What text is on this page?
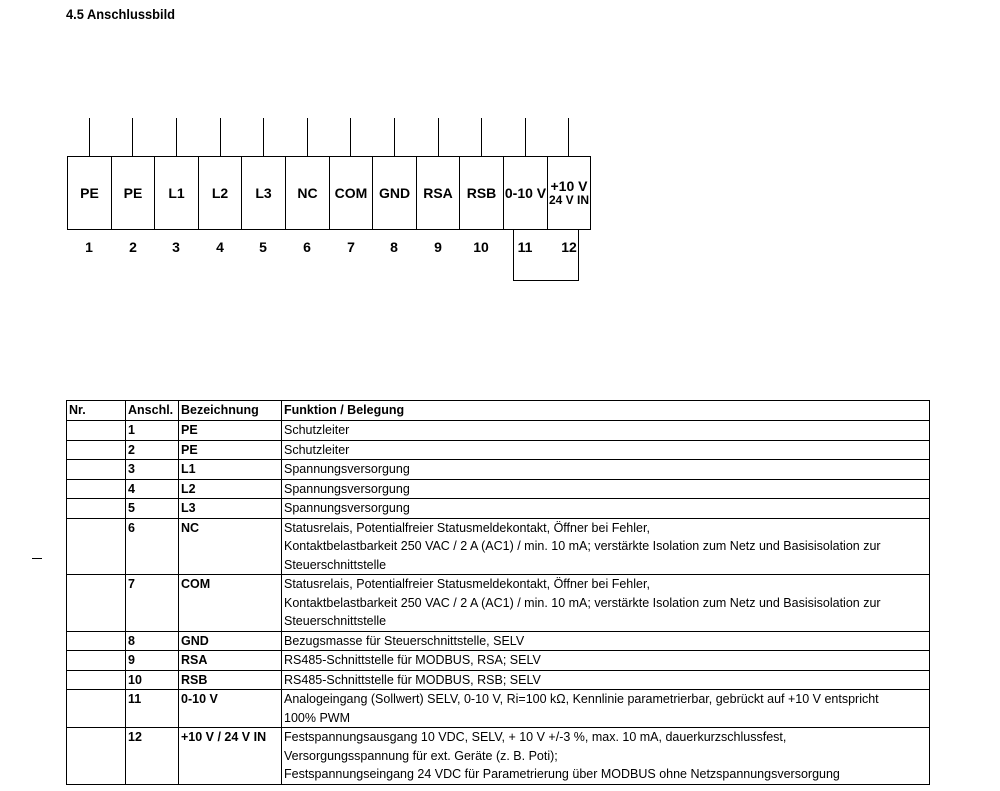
4.5 Anschlussbild
PE
1
PE
2
L1
3
L2
4
L3
5
NC
6
COM
7
GND
8
RSA
9
RSB
10
0-10 V
11
+10 V
24 V IN
12
Nr.	Anschl.	Bezeichnung	Funktion / Belegung
	1	PE	Schutzleiter

	2	PE	Schutzleiter

	3	L1	Spannungsversorgung

	4	L2	Spannungsversorgung

	5	L3	Spannungsversorgung

	6	NC	Statusrelais, Potentialfreier Statusmeldekontakt, Öffner bei Fehler,
Kontaktbelastbarkeit 250 VAC / 2 A (AC1) / min. 10 mA; verstärkte Isolation zum Netz und Basisisolation zur
Steuerschnittstelle

	7	COM	Statusrelais, Potentialfreier Statusmeldekontakt, Öffner bei Fehler,
Kontaktbelastbarkeit 250 VAC / 2 A (AC1) / min. 10 mA; verstärkte Isolation zum Netz und Basisisolation zur
Steuerschnittstelle

	8	GND	Bezugsmasse für Steuerschnittstelle, SELV

	9	RSA	RS485-Schnittstelle für MODBUS, RSA; SELV

	10	RSB	RS485-Schnittstelle für MODBUS, RSB; SELV

	11	0-10 V	Analogeingang (Sollwert) SELV, 0-10 V, Ri=100 kΩ, Kennlinie parametrierbar, gebrückt auf +10 V entspricht
100% PWM

	12	+10 V / 24 V IN	Festspannungsausgang 10 VDC, SELV, + 10 V +/-3 %, max. 10 mA, dauerkurzschlussfest,
Versorgungsspannung für ext. Geräte (z. B. Poti);
Festspannungseingang 24 VDC für Parametrierung über MODBUS ohne Netzspannungsversorgung
